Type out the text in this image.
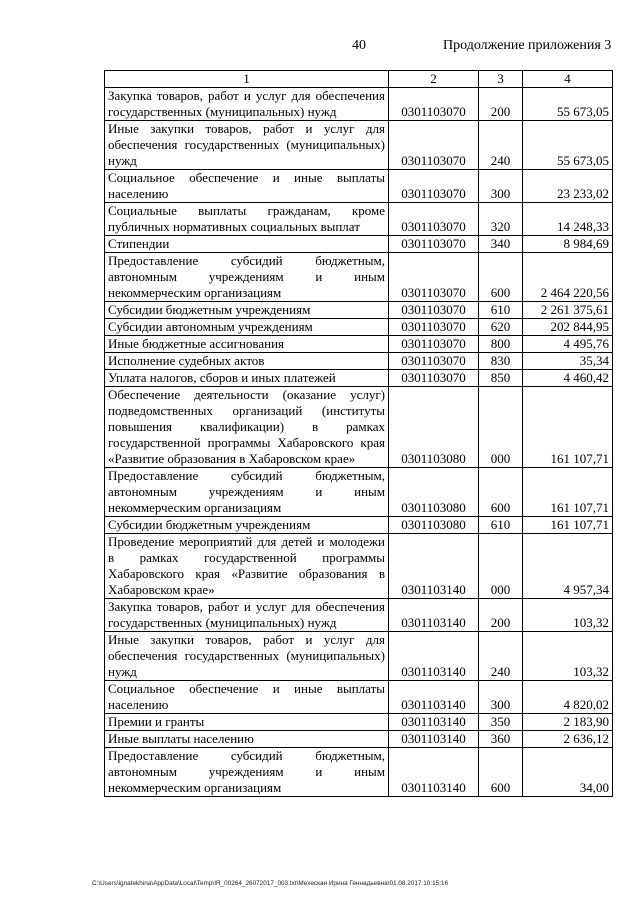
40	Продолжение приложения 3
1	2	3	4
Закупка товаров, работ и услуг для обеспечения государственных (муниципальных) нужд	0301103070	200	55 673,05
Иные закупки товаров, работ и услуг для обеспечения государственных (муниципальных) нужд	0301103070	240	55 673,05
Социальное обеспечение и иные выплаты населению	0301103070	300	23 233,02
Социальные выплаты гражданам, кроме публичных нормативных социальных выплат	0301103070	320	14 248,33
Стипендии	0301103070	340	8 984,69
Предоставление субсидий бюджетным, автономным учреждениям и иным некоммерческим организациям	0301103070	600	2 464 220,56
Субсидии бюджетным учреждениям	0301103070	610	2 261 375,61
Субсидии автономным учреждениям	0301103070	620	202 844,95
Иные бюджетные ассигнования	0301103070	800	4 495,76
Исполнение судебных актов	0301103070	830	35,34
Уплата налогов, сборов и иных платежей	0301103070	850	4 460,42
Обеспечение деятельности (оказание услуг) подведомственных организаций (институты повышения квалификации) в рамках государственной программы Хабаровского края «Развитие образования в Хабаровском крае»	0301103080	000	161 107,71
Предоставление субсидий бюджетным, автономным учреждениям и иным некоммерческим организациям	0301103080	600	161 107,71
Субсидии бюджетным учреждениям	0301103080	610	161 107,71
Проведение мероприятий для детей и молодежи в рамках государственной программы Хабаровского края «Развитие образования в Хабаровском крае»	0301103140	000	4 957,34
Закупка товаров, работ и услуг для обеспечения государственных (муниципальных) нужд	0301103140	200	103,32
Иные закупки товаров, работ и услуг для обеспечения государственных (муниципальных) нужд	0301103140	240	103,32
Социальное обеспечение и иные выплаты населению	0301103140	300	4 820,02
Премии и гранты	0301103140	350	2 183,90
Иные выплаты населению	0301103140	360	2 636,12
Предоставление субсидий бюджетным, автономным учреждениям и иным некоммерческим организациям	0301103140	600	34,00
C:\Users\ignatekhina\AppData\Local\Temp\IR_00264_26072017_003.txt\Мехеская Ирина Геннадьевна\01.08.2017 10:15:16
